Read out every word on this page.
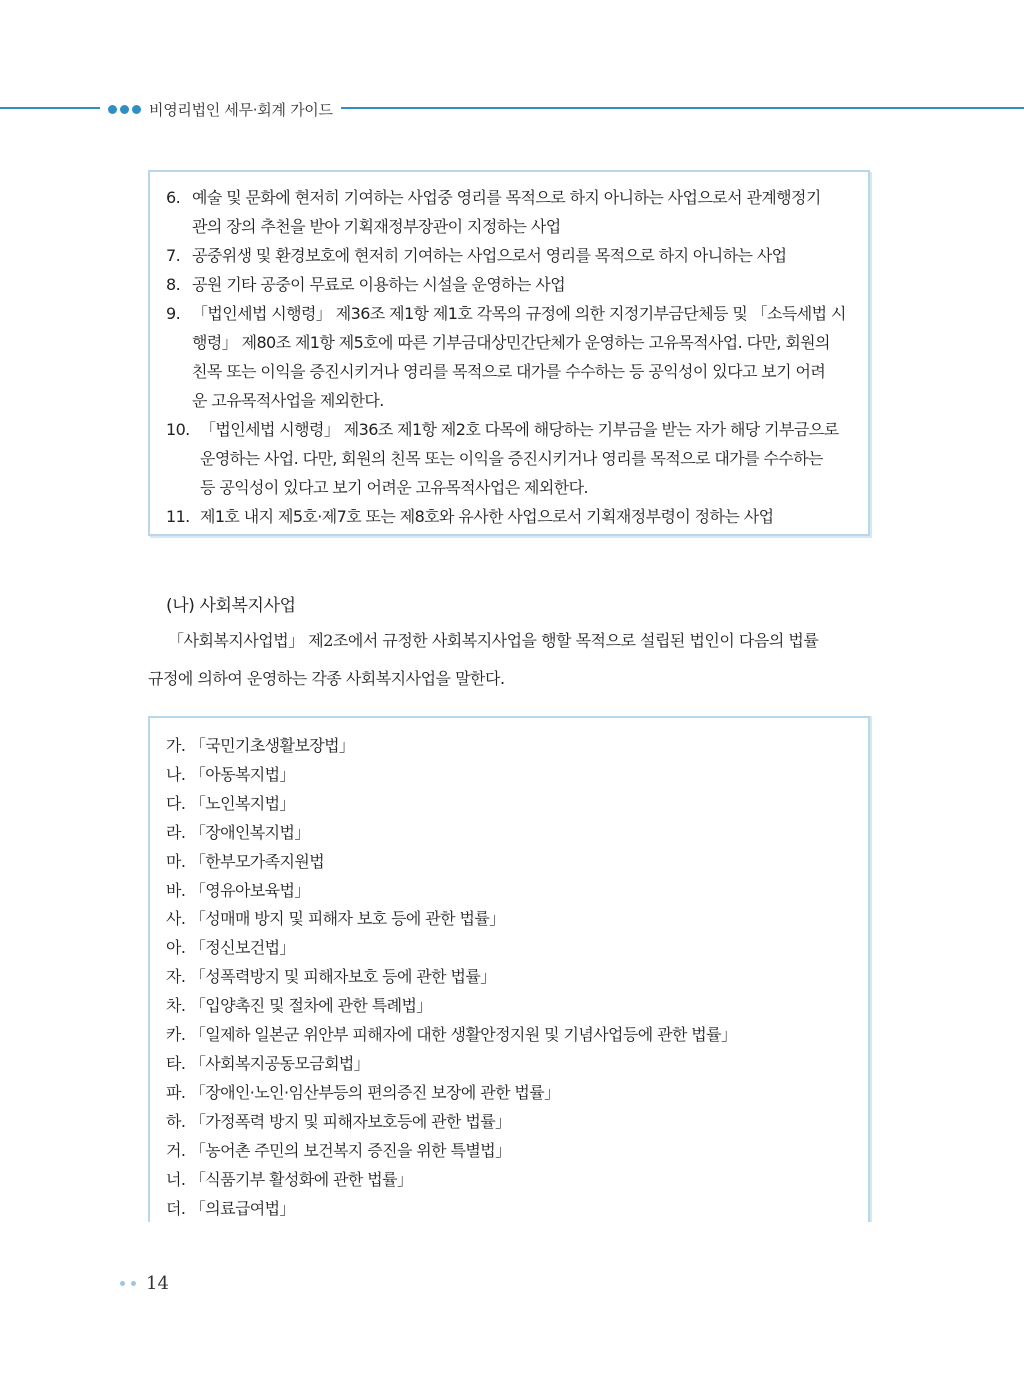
비영리법인 세무·회계 가이드
6. 예술 및 문화에 현저히 기여하는 사업중 영리를 목적으로 하지 아니하는 사업으로서 관계행정기
관의 장의 추천을 받아 기획재정부장관이 지정하는 사업
7. 공중위생 및 환경보호에 현저히 기여하는 사업으로서 영리를 목적으로 하지 아니하는 사업
8. 공원 기타 공중이 무료로 이용하는 시설을 운영하는 사업
9. 「법인세법 시행령」 제36조 제1항 제1호 각목의 규정에 의한 지정기부금단체등 및 「소득세법 시
행령」 제80조 제1항 제5호에 따른 기부금대상민간단체가 운영하는 고유목적사업. 다만, 회원의
친목 또는 이익을 증진시키거나 영리를 목적으로 대가를 수수하는 등 공익성이 있다고 보기 어려
운 고유목적사업을 제외한다.
10. 「법인세법 시행령」 제36조 제1항 제2호 다목에 해당하는 기부금을 받는 자가 해당 기부금으로
운영하는 사업. 다만, 회원의 친목 또는 이익을 증진시키거나 영리를 목적으로 대가를 수수하는
등 공익성이 있다고 보기 어려운 고유목적사업은 제외한다.
11. 제1호 내지 제5호·제7호 또는 제8호와 유사한 사업으로서 기획재정부령이 정하는 사업
(나) 사회복지사업
「사회복지사업법」 제2조에서 규정한 사회복지사업을 행할 목적으로 설립된 법인이 다음의 법률
규정에 의하여 운영하는 각종 사회복지사업을 말한다.
가. 「국민기초생활보장법」
나. 「아동복지법」
다. 「노인복지법」
라. 「장애인복지법」
마. 「한부모가족지원법
바. 「영유아보육법」
사. 「성매매 방지 및 피해자 보호 등에 관한 법률」
아. 「정신보건법」
자. 「성폭력방지 및 피해자보호 등에 관한 법률」
차. 「입양촉진 및 절차에 관한 특례법」
카. 「일제하 일본군 위안부 피해자에 대한 생활안정지원 및 기념사업등에 관한 법률」
타. 「사회복지공동모금회법」
파. 「장애인·노인·임산부등의 편의증진 보장에 관한 법률」
하. 「가정폭력 방지 및 피해자보호등에 관한 법률」
거. 「농어촌 주민의 보건복지 증진을 위한 특별법」
너. 「식품기부 활성화에 관한 법률」
더. 「의료급여법」
14
